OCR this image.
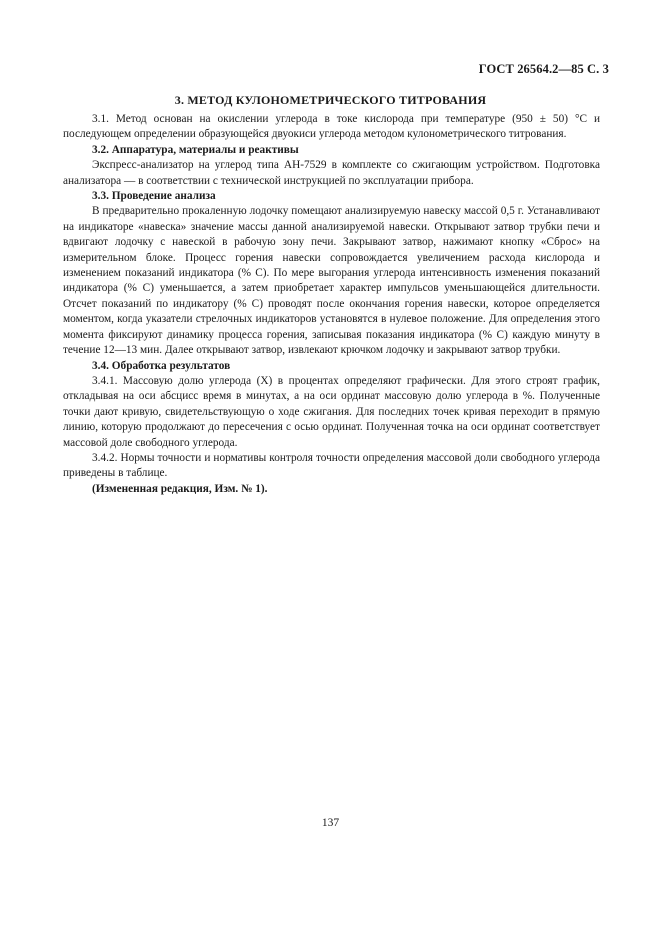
ГОСТ 26564.2—85 С. 3
3. МЕТОД КУЛОНОМЕТРИЧЕСКОГО ТИТРОВАНИЯ

3.1. Метод основан на окислении углерода в токе кислорода при температуре (950 ± 50) °С и последующем определении образующейся двуокиси углерода методом кулонометрического титрования.

3.2. Аппаратура, материалы и реактивы

Экспресс-анализатор на углерод типа АН-7529 в комплекте со сжигающим устройством. Подготовка анализатора — в соответствии с технической инструкцией по эксплуатации прибора.

3.3. Проведение анализа

В предварительно прокаленную лодочку помещают анализируемую навеску массой 0,5 г. Устанавливают на индикаторе «навеска» значение массы данной анализируемой навески. Открывают затвор трубки печи и вдвигают лодочку с навеской в рабочую зону печи. Закрывают затвор, нажимают кнопку «Сброс» на измерительном блоке. Процесс горения навески сопровождается увеличением расхода кислорода и изменением показаний индикатора (% С). По мере выгорания углерода интенсивность изменения показаний индикатора (% С) уменьшается, а затем приобретает характер импульсов уменьшающейся длительности. Отсчет показаний по индикатору (% С) проводят после окончания горения навески, которое определяется моментом, когда указатели стрелочных индикаторов установятся в нулевое положение. Для определения этого момента фиксируют динамику процесса горения, записывая показания индикатора (% С) каждую минуту в течение 12—13 мин. Далее открывают затвор, извлекают крючком лодочку и закрывают затвор трубки.

3.4. Обработка результатов

3.4.1. Массовую долю углерода (Х) в процентах определяют графически. Для этого строят график, откладывая на оси абсцисс время в минутах, а на оси ординат массовую долю углерода в %. Полученные точки дают кривую, свидетельствующую о ходе сжигания. Для последних точек кривая переходит в прямую линию, которую продолжают до пересечения с осью ординат. Полученная точка на оси ординат соответствует массовой доле свободного углерода.

3.4.2. Нормы точности и нормативы контроля точности определения массовой доли свободного углерода приведены в таблице.

(Измененная редакция, Изм. № 1).

137
